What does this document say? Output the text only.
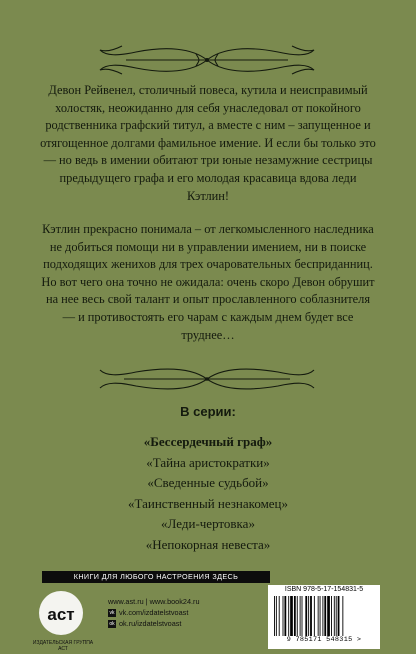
Девон Рейвенел, столичный повеса, кутила и неисправимый холостяк, неожиданно для себя унаследовал от покойного родственника графский титул, а вместе с ним – запущенное и отягощенное долгами фамильное имение. И если бы только это — но ведь в имении обитают три юные незамужние сестрицы предыдущего графа и его молодая красавица вдова леди Кэтлин!
Кэтлин прекрасно понимала – от легкомысленного наследника не добиться помощи ни в управлении имением, ни в поиске подходящих женихов для трех очаровательных бесприданниц. Но вот чего она точно не ожидала: очень скоро Девон обрушит на нее весь свой талант и опыт прославленного соблазнителя — и противостоять его чарам с каждым днем будет все труднее…
В серии:
«Бессердечный граф»
«Тайна аристократки»
«Сведенные судьбой»
«Таинственный незнакомец»
«Леди-чертовка»
«Непокорная невеста»
КНИГИ ДЛЯ ЛЮБОГО НАСТРОЕНИЯ ЗДЕСЬ
аст
ИЗДАТЕЛЬСКАЯ ГРУППА АСТ
www.ast.ru | www.book24.ru
vk vk.com/izdatelstvoast
ok ok.ru/izdatelstvoast
ISBN 978-5-17-154831-5
9 785171 548315 >
